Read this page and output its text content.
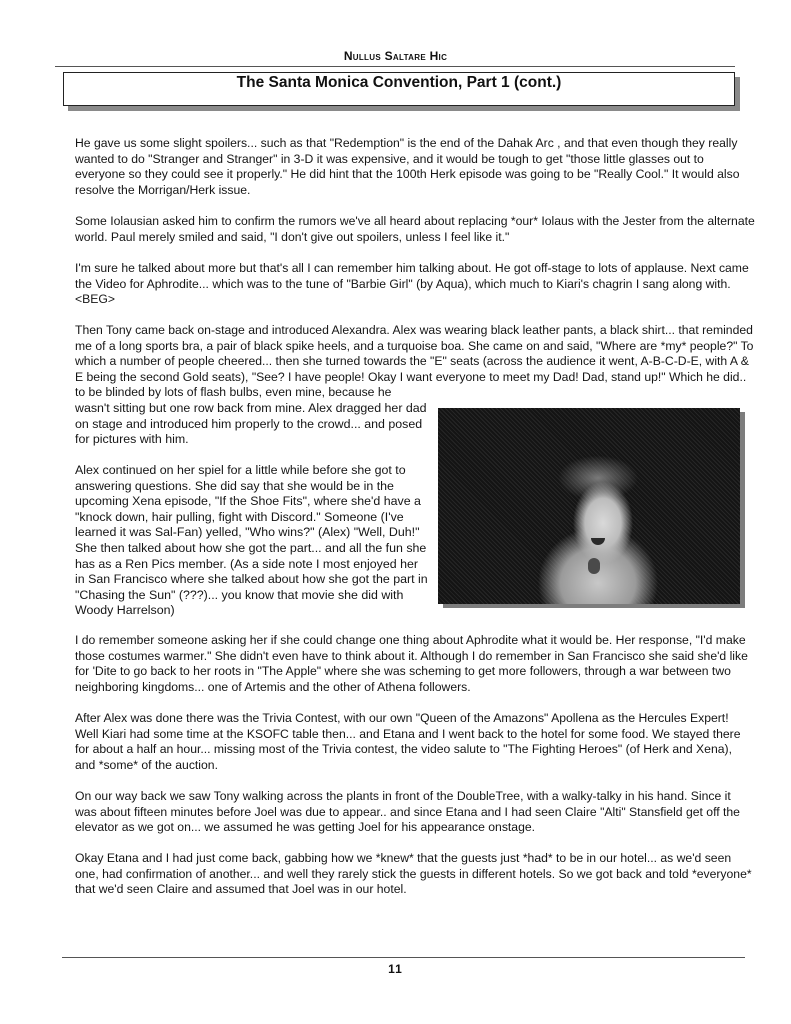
Nullus Saltare Hic
The Santa Monica Convention, Part 1 (cont.)

He gave us some slight spoilers... such as that "Redemption" is the end of the Dahak Arc , and that even though they really wanted to do "Stranger and Stranger" in 3-D it was expensive, and it would be tough to get "those little glasses out to everyone so they could see it properly." He did hint that the 100th Herk episode was going to be "Really Cool." It would also resolve the Morrigan/Herk issue.

Some Iolausian asked him to confirm the rumors we've all heard about replacing *our* Iolaus with the Jester from the alternate world. Paul merely smiled and said, "I don't give out spoilers, unless I feel like it."

I'm sure he talked about more but that's all I can remember him talking about. He got off-stage to lots of applause. Next came the Video for Aphrodite... which was to the tune of "Barbie Girl" (by Aqua), which much to Kiari's chagrin I sang along with. <BEG>

Then Tony came back on-stage and introduced Alexandra. Alex was wearing black leather pants, a black shirt... that reminded me of a long sports bra, a pair of black spike heels, and a turquoise boa. She came on and said, "Where are *my* people?" To which a number of people cheered... then she turned towards the "E" seats (across the audience it went, A-B-C-D-E, with A & E being the second Gold seats), "See? I have people! Okay I want everyone to meet my Dad! Dad, stand up!" Which he did.. to be blinded by lots of flash bulbs, even mine, because he

wasn't sitting but one row back from mine. Alex dragged her dad on stage and introduced him properly to the crowd... and posed for pictures with him.

Alex continued on her spiel for a little while before she got to answering questions. She did say that she would be in the upcoming Xena episode, "If the Shoe Fits", where she'd have a "knock down, hair pulling, fight with Discord." Someone (I've learned it was Sal-Fan) yelled, "Who wins?" (Alex) "Well, Duh!" She then talked about how she got the part... and all the fun she has as a Ren Pics member. (As a side note I most enjoyed her in San Francisco where she talked about how she got the part in "Chasing the Sun" (???)... you know that movie she did with Woody Harrelson)

I do remember someone asking her if she could change one thing about Aphrodite what it would be. Her response, "I'd make those costumes warmer." She didn't even have to think about it. Although I do remember in San Francisco she said she'd like for 'Dite to go back to her roots in "The Apple" where she was scheming to get more followers, through a war between two neighboring kingdoms... one of Artemis and the other of Athena followers.

After Alex was done there was the Trivia Contest, with our own "Queen of the Amazons" Apollena as the Hercules Expert! Well Kiari had some time at the KSOFC table then... and Etana and I went back to the hotel for some food. We stayed there for about a half an hour... missing most of the Trivia contest, the video salute to "The Fighting Heroes" (of Herk and Xena), and *some* of the auction.

On our way back we saw Tony walking across the plants in front of the DoubleTree, with a walky-talky in his hand. Since it was about fifteen minutes before Joel was due to appear.. and since Etana and I had seen Claire "Alti" Stansfield get off the elevator as we got on... we assumed he was getting Joel for his appearance onstage.

Okay Etana and I had just come back, gabbing how we *knew* that the guests just *had* to be in our hotel... as we'd seen one, had confirmation of another... and well they rarely stick the guests in different hotels. So we got back and told *everyone* that we'd seen Claire and assumed that Joel was in our hotel.

11
